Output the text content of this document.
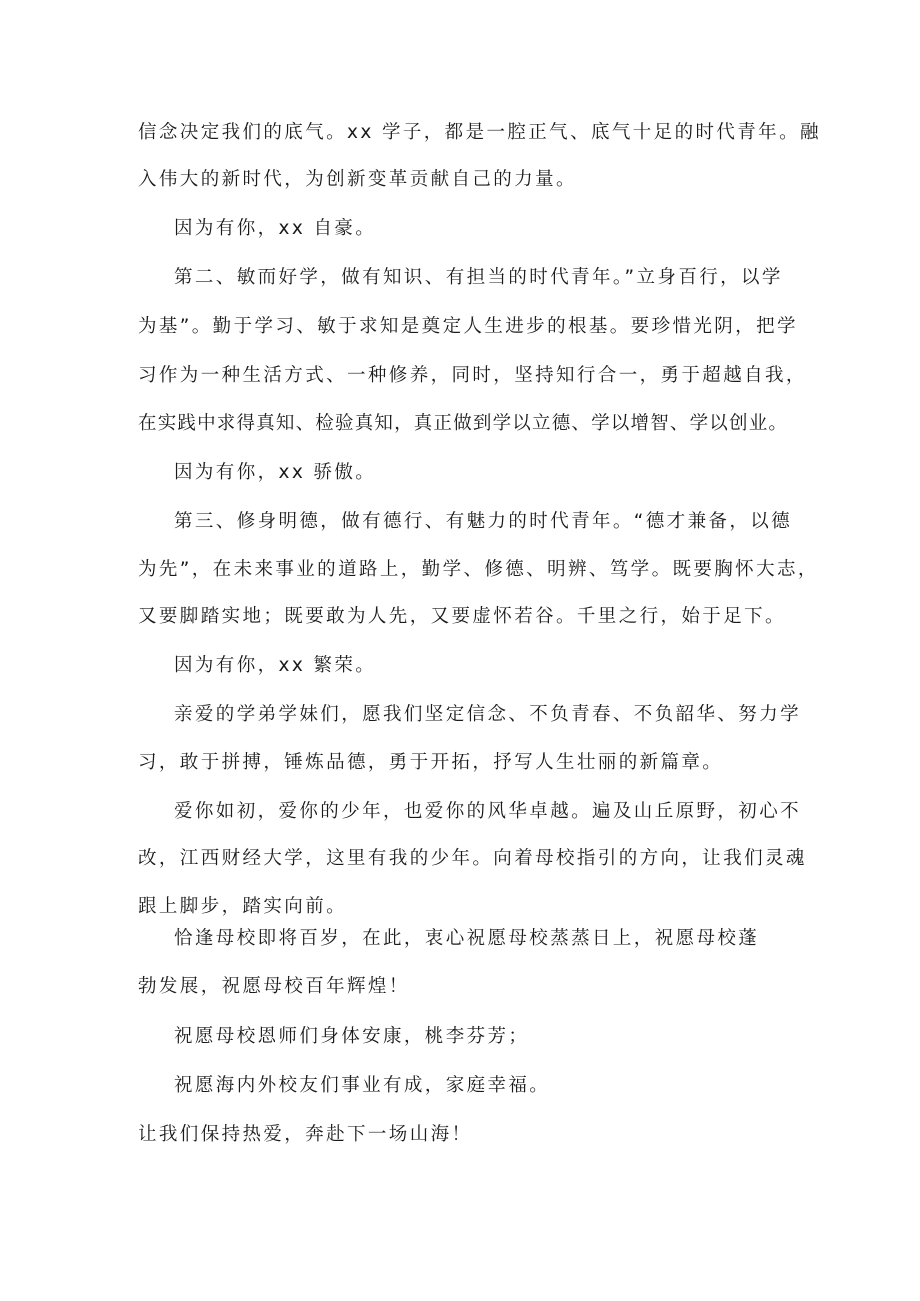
信念决定我们的底气。xx 学子，都是一腔正气、底气十足的时代青年。融
入伟大的新时代，为创新变革贡献自己的力量。
因为有你，xx 自豪。
第二、敏而好学，做有知识、有担当的时代青年。”立身百行，以学
为基”。勤于学习、敏于求知是奠定人生进步的根基。要珍惜光阴，把学
习作为一种生活方式、一种修养，同时，坚持知行合一，勇于超越自我，
在实践中求得真知、检验真知，真正做到学以立德、学以增智、学以创业。
因为有你，xx 骄傲。
第三、修身明德，做有德行、有魅力的时代青年。“德才兼备，以德
为先”，在未来事业的道路上，勤学、修德、明辨、笃学。既要胸怀大志，
又要脚踏实地；既要敢为人先，又要虚怀若谷。千里之行，始于足下。
因为有你，xx 繁荣。
亲爱的学弟学妹们，愿我们坚定信念、不负青春、不负韶华、努力学
习，敢于拼搏，锤炼品德，勇于开拓，抒写人生壮丽的新篇章。
爱你如初，爱你的少年，也爱你的风华卓越。遍及山丘原野，初心不
改，江西财经大学，这里有我的少年。向着母校指引的方向，让我们灵魂
跟上脚步，踏实向前。
恰逢母校即将百岁，在此，衷心祝愿母校蒸蒸日上，祝愿母校蓬
勃发展，祝愿母校百年辉煌！
祝愿母校恩师们身体安康，桃李芬芳；
祝愿海内外校友们事业有成，家庭幸福。
让我们保持热爱，奔赴下一场山海！
